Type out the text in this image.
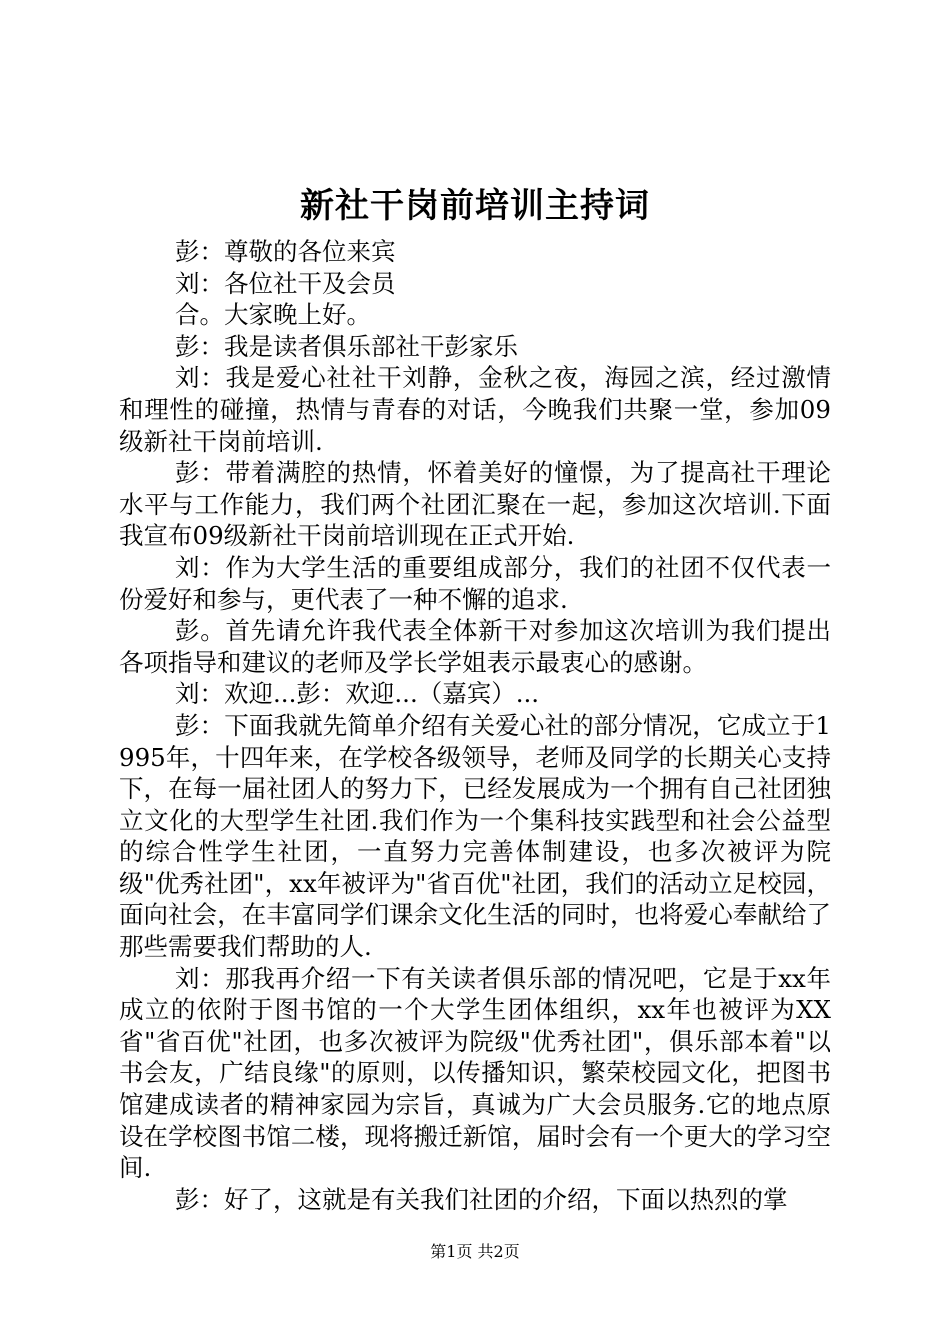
新社干岗前培训主持词

彭：尊敬的各位来宾

刘：各位社干及会员

合。大家晚上好。

彭：我是读者俱乐部社干彭家乐

刘：我是爱心社社干刘静，金秋之夜，海园之滨，经过激情和理性的碰撞，热情与青春的对话，今晚我们共聚一堂，参加09级新社干岗前培训.

彭：带着满腔的热情，怀着美好的憧憬，为了提高社干理论水平与工作能力，我们两个社团汇聚在一起，参加这次培训.下面我宣布09级新社干岗前培训现在正式开始.

刘：作为大学生活的重要组成部分，我们的社团不仅代表一份爱好和参与，更代表了一种不懈的追求.

彭。首先请允许我代表全体新干对参加这次培训为我们提出各项指导和建议的老师及学长学姐表示最衷心的感谢。

刘：欢迎...彭：欢迎...（嘉宾）...

彭：下面我就先简单介绍有关爱心社的部分情况，它成立于1995年，十四年来，在学校各级领导，老师及同学的长期关心支持下，在每一届社团人的努力下，已经发展成为一个拥有自己社团独立文化的大型学生社团.我们作为一个集科技实践型和社会公益型的综合性学生社团，一直努力完善体制建设，也多次被评为院级"优秀社团"，xx年被评为"省百优"社团，我们的活动立足校园，面向社会，在丰富同学们课余文化生活的同时，也将爱心奉献给了那些需要我们帮助的人.

刘：那我再介绍一下有关读者俱乐部的情况吧，它是于xx年成立的依附于图书馆的一个大学生团体组织，xx年也被评为XX省"省百优"社团，也多次被评为院级"优秀社团"，俱乐部本着"以书会友，广结良缘"的原则，以传播知识，繁荣校园文化，把图书馆建成读者的精神家园为宗旨，真诚为广大会员服务.它的地点原设在学校图书馆二楼，现将搬迁新馆，届时会有一个更大的学习空间.

彭：好了，这就是有关我们社团的介绍，下面以热烈的掌

第1页 共2页
